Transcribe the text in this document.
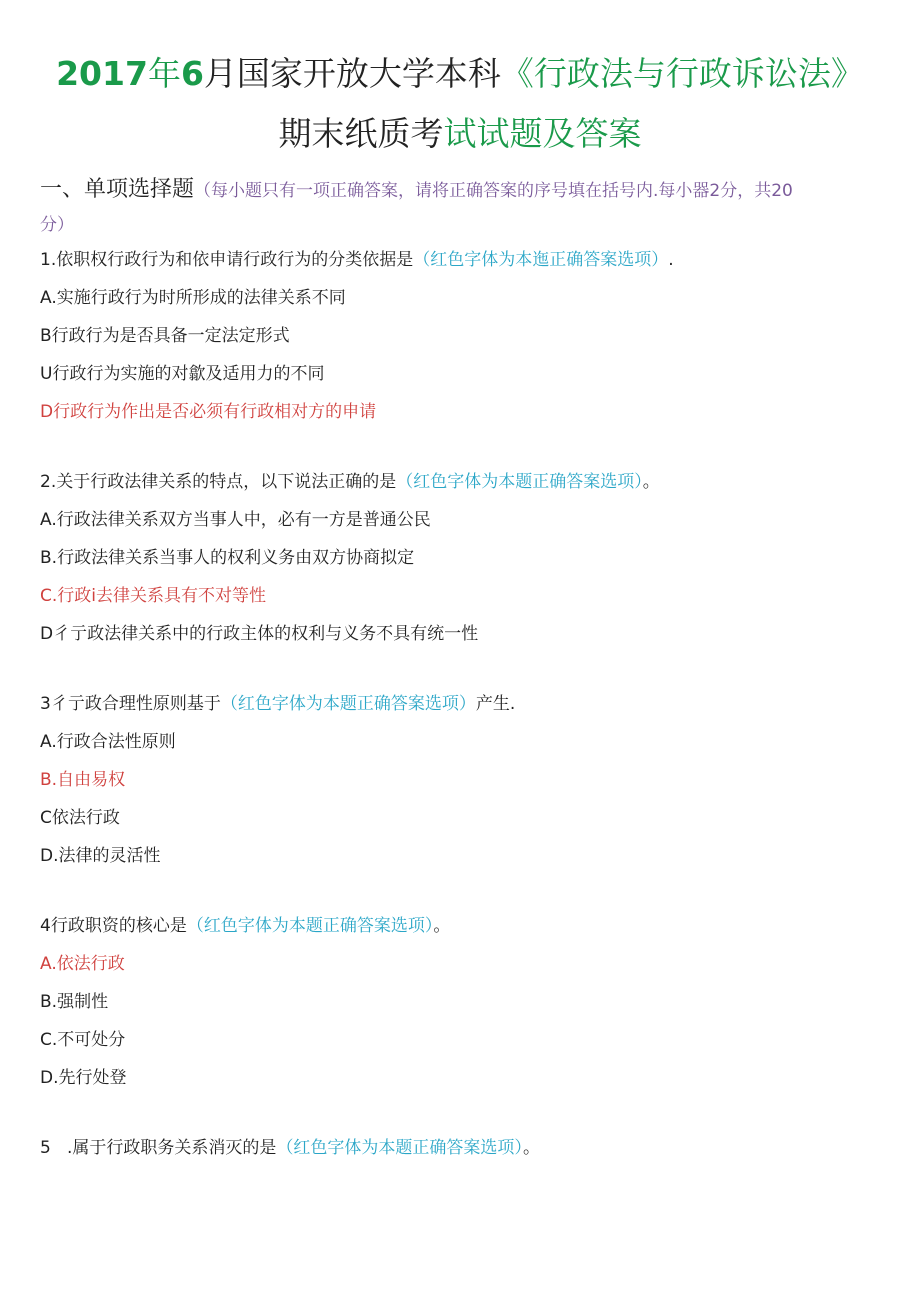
2017年6月国家开放大学本科《行政法与行政诉讼法》
期末纸质考试试题及答案
一、单项选择题（每小题只有一项正确答案，请将正确答案的序号填在括号内.每小器2分，共20
分）
1.依职权行政行为和依申请行政行为的分类依据是（红色字体为本迤正确答案选项）.
A.实施行政行为时所形成的法律关系不同
B行政行为是否具备一定法定形式
U行政行为实施的对歙及适用力的不同
D行政行为作出是否必须有行政相对方的申请
2.关于行政法律关系的特点，以下说法正确的是（红色字体为本题正确答案选项）。
A.行政法律关系双方当事人中，必有一方是普通公民
B.行政法律关系当事人的权利义务由双方协商拟定
C.行政i去律关系具有不对等性
D彳亍政法律关系中的行政主体的权利与义务不具有统一性
3彳亍政合理性原则基于（红色字体为本题正确答案选项）产生.
A.行政合法性原则
B.自由易权
C依法行政
D.法律的灵活性
4行政职资的核心是（红色字体为本题正确答案选项）。
A.依法行政
B.强制性
C.不可处分
D.先行处登
5   .属于行政职务关系消灭的是（红色字体为本题正确答案选项）。
